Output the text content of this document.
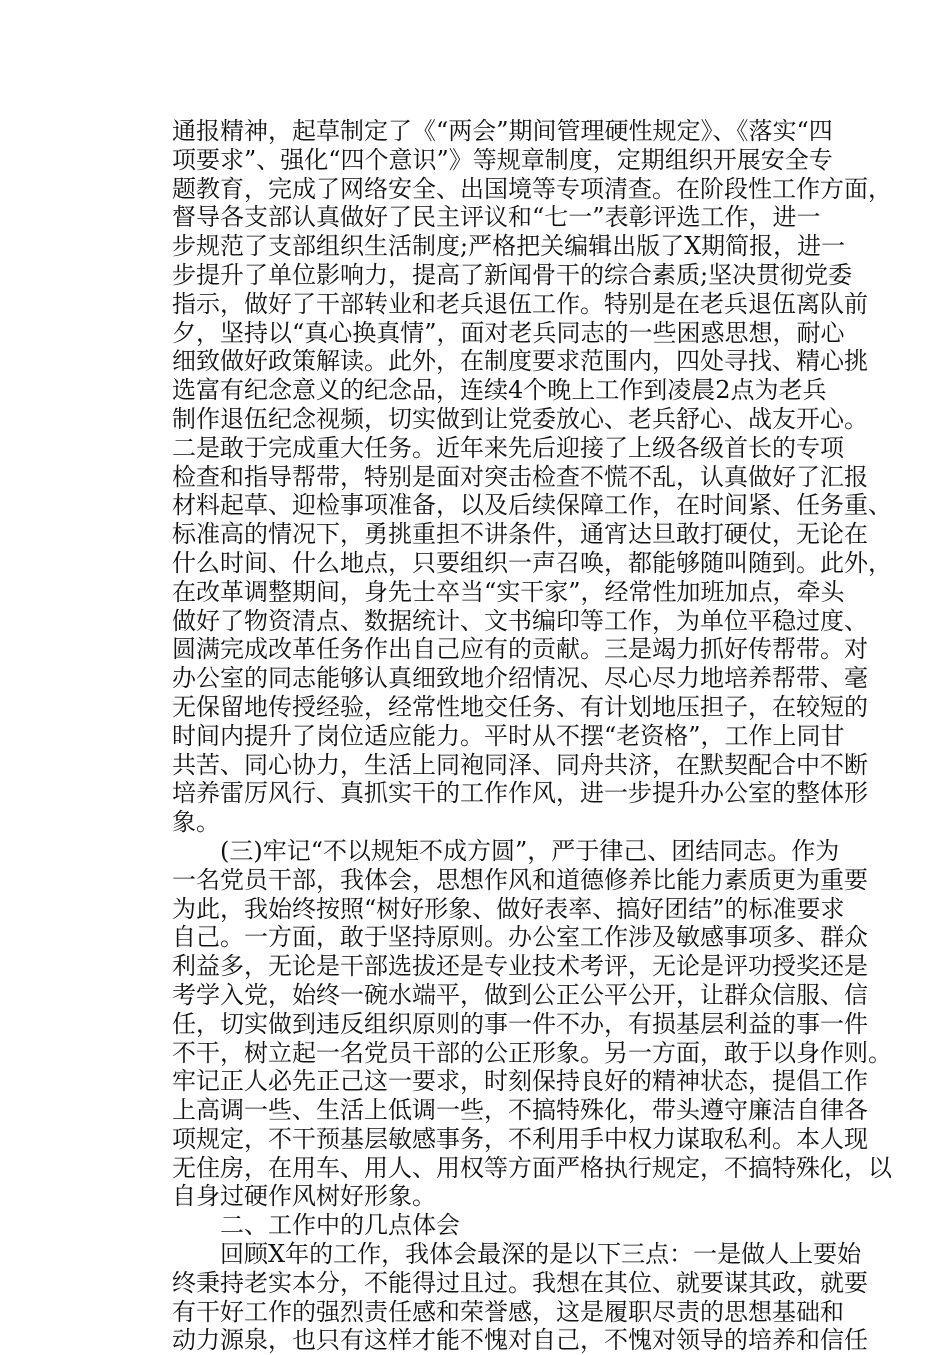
通报精神，起草制定了《“两会”期间管理硬性规定》、《落实“四
项要求”、强化“四个意识”》等规章制度，定期组织开展安全专
题教育，完成了网络安全、出国境等专项清查。在阶段性工作方面，
督导各支部认真做好了民主评议和“七一”表彰评选工作，进一
步规范了支部组织生活制度;严格把关编辑出版了X期简报，进一
步提升了单位影响力，提高了新闻骨干的综合素质;坚决贯彻党委
指示，做好了干部转业和老兵退伍工作。特别是在老兵退伍离队前
夕，坚持以“真心换真情”，面对老兵同志的一些困惑思想，耐心
细致做好政策解读。此外，在制度要求范围内，四处寻找、精心挑
选富有纪念意义的纪念品，连续4个晚上工作到凌晨2点为老兵
制作退伍纪念视频，切实做到让党委放心、老兵舒心、战友开心。
二是敢于完成重大任务。近年来先后迎接了上级各级首长的专项
检查和指导帮带，特别是面对突击检查不慌不乱，认真做好了汇报
材料起草、迎检事项准备，以及后续保障工作，在时间紧、任务重、
标准高的情况下，勇挑重担不讲条件，通宵达旦敢打硬仗，无论在
什么时间、什么地点，只要组织一声召唤，都能够随叫随到。此外，
在改革调整期间，身先士卒当“实干家”，经常性加班加点，牵头
做好了物资清点、数据统计、文书编印等工作，为单位平稳过度、
圆满完成改革任务作出自己应有的贡献。三是竭力抓好传帮带。对
办公室的同志能够认真细致地介绍情况、尽心尽力地培养帮带、毫
无保留地传授经验，经常性地交任务、有计划地压担子，在较短的
时间内提升了岗位适应能力。平时从不摆“老资格”，工作上同甘
共苦、同心协力，生活上同袍同泽、同舟共济，在默契配合中不断
培养雷厉风行、真抓实干的工作作风，进一步提升办公室的整体形
象。
(三)牢记“不以规矩不成方圆”，严于律己、团结同志。作为
一名党员干部，我体会，思想作风和道德修养比能力素质更为重要
为此，我始终按照“树好形象、做好表率、搞好团结”的标准要求
自己。一方面，敢于坚持原则。办公室工作涉及敏感事项多、群众
利益多，无论是干部选拔还是专业技术考评，无论是评功授奖还是
考学入党，始终一碗水端平，做到公正公平公开，让群众信服、信
任，切实做到违反组织原则的事一件不办，有损基层利益的事一件
不干，树立起一名党员干部的公正形象。另一方面，敢于以身作则。
牢记正人必先正己这一要求，时刻保持良好的精神状态，提倡工作
上高调一些、生活上低调一些，不搞特殊化，带头遵守廉洁自律各
项规定，不干预基层敏感事务，不利用手中权力谋取私利。本人现
无住房，在用车、用人、用权等方面严格执行规定，不搞特殊化，以
自身过硬作风树好形象。
二、工作中的几点体会
回顾X年的工作，我体会最深的是以下三点：一是做人上要始
终秉持老实本分，不能得过且过。我想在其位、就要谋其政，就要
有干好工作的强烈责任感和荣誉感，这是履职尽责的思想基础和
动力源泉，也只有这样才能不愧对自己，不愧对领导的培养和信任
